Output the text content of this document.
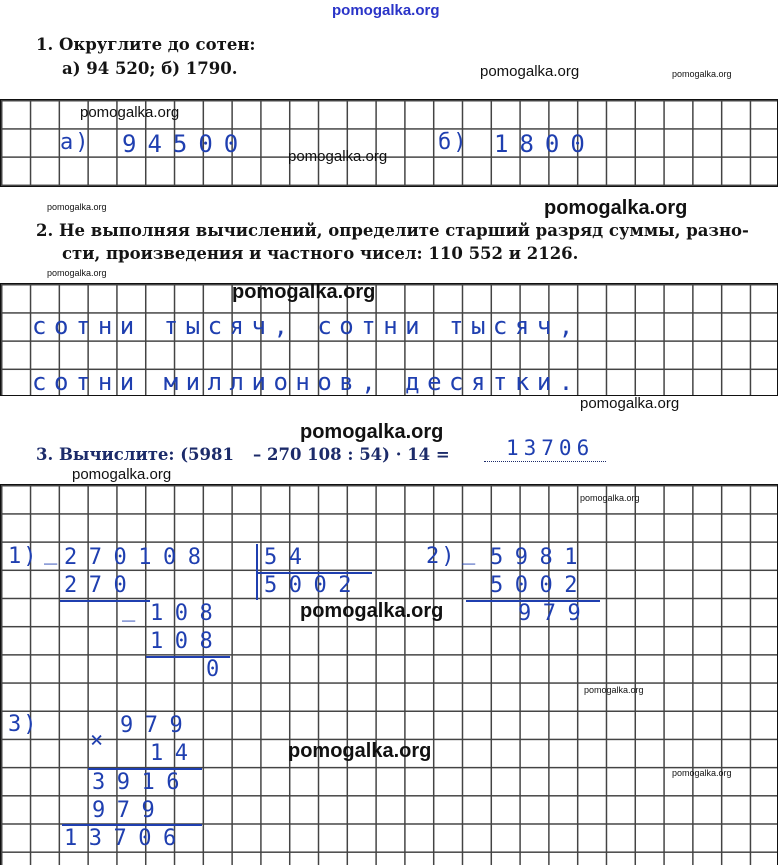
pomogalka.org
1. Округлите до сотен:
а) 94 520; б) 1790.
а) 94500	б) 1800
2. Не выполняя вычислений, определите старший разряд суммы, разно-
сти, произведения и частного чисел: 110 552 и 2126.
сотни тысяч, сотни тысяч,
сотни миллионов, десятки.
3. Вычислите: (5981 – 270 108 : 54) · 14 =	13706
1) _ 270108 54
5002
270
_ 108
108
0
2) _ 5981
5002
979
3)
×
979
14
3916
979
13706
pomogalka.org	pomogalka.org
pomogalka.org
pomogalka.org
pomogalka.org	pomogalka.org
pomogalka.org
pomogalka.org
pomogalka.org
pomogalka.org
pomogalka.org
pomogalka.org
pomogalka.org
pomogalka.org
pomogalka.org
pomogalka.org
